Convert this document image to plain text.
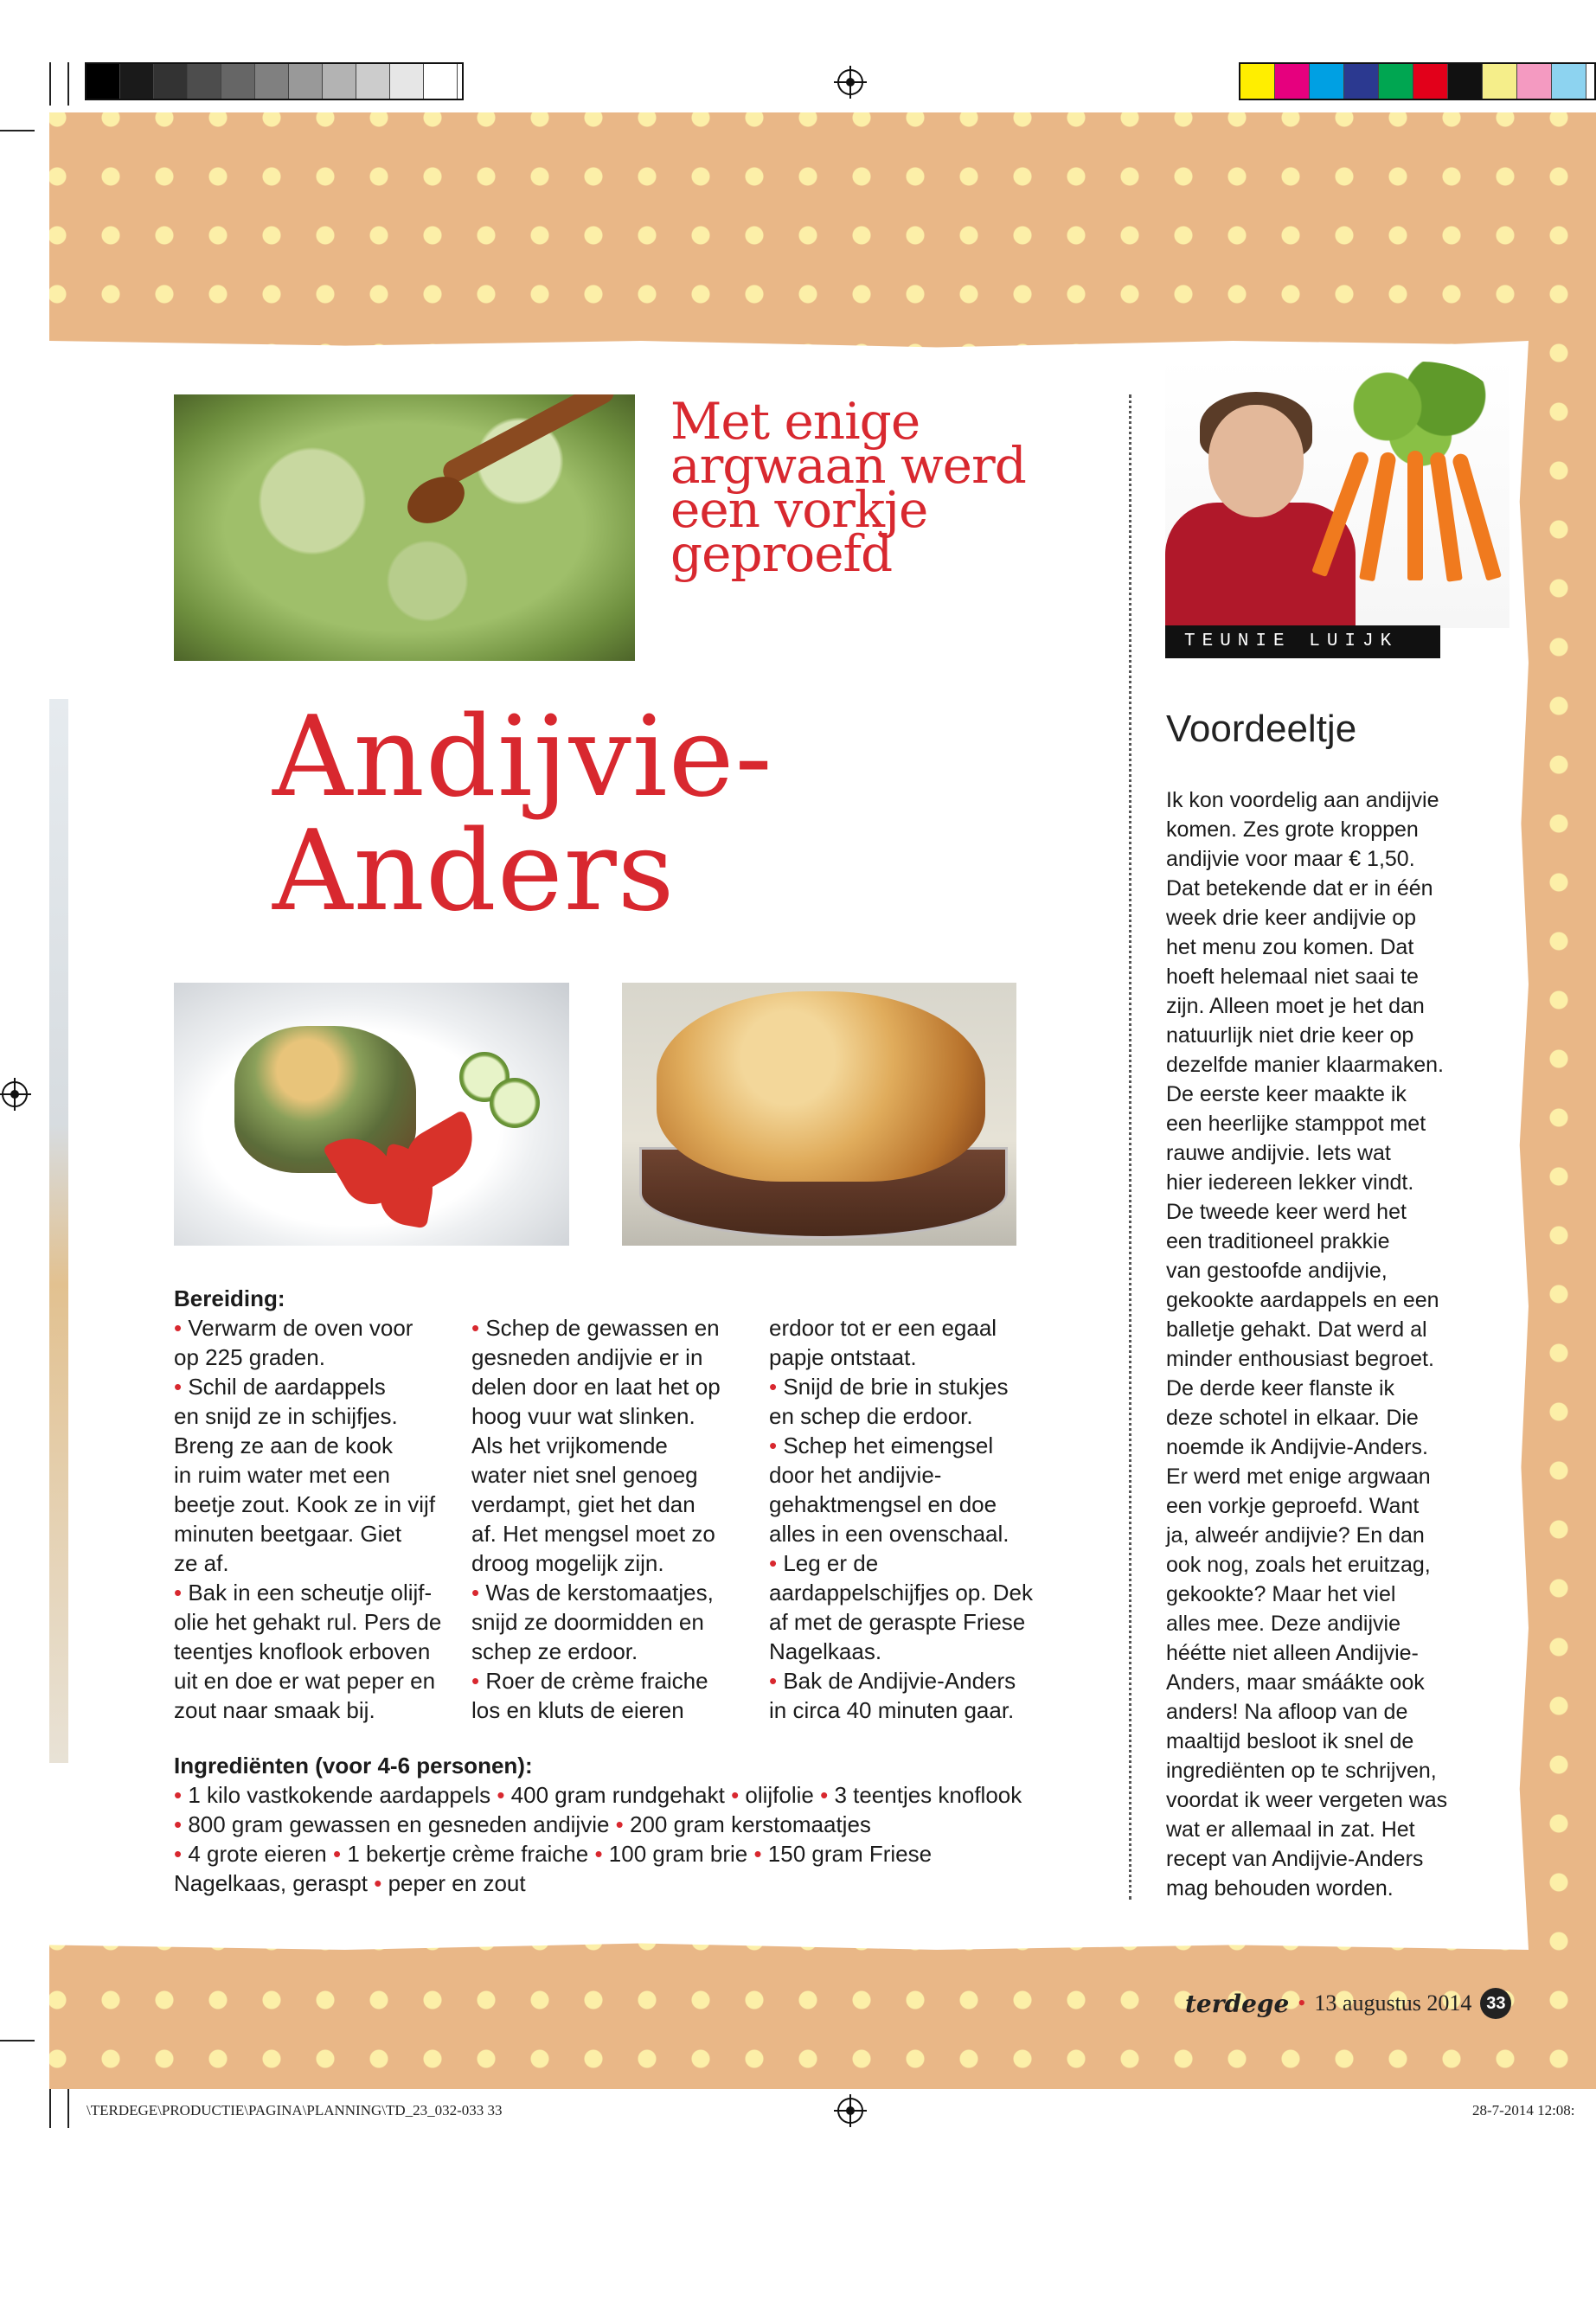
Met enige
argwaan werd
een vorkje
geproefd
TEUNIE LUIJK
Andijvie-
Anders

Bereiding:

• Verwarm de oven voor

op 225 graden.

• Schil de aardappels

en snijd ze in schijfjes.

Breng ze aan de kook

in ruim water met een

beetje zout. Kook ze in vijf

minuten beetgaar. Giet

ze af.

• Bak in een scheutje olijf-

olie het gehakt rul. Pers de

teentjes knoflook erboven

uit en doe er wat peper en

zout naar smaak bij.

• Schep de gewassen en

gesneden andijvie er in

delen door en laat het op

hoog vuur wat slinken.

Als het vrijkomende

water niet snel genoeg

verdampt, giet het dan

af. Het mengsel moet zo

droog mogelijk zijn.

• Was de kerstomaatjes,

snijd ze doormidden en

schep ze erdoor.

• Roer de crème fraiche

los en kluts de eieren

erdoor tot er een egaal

papje ontstaat.

• Snijd de brie in stukjes

en schep die erdoor.

• Schep het eimengsel

door het andijvie-

gehaktmengsel en doe

alles in een ovenschaal.

• Leg er de

aardappelschijfjes op. Dek

af met de geraspte Friese

Nagelkaas.

• Bak de Andijvie-Anders

in circa 40 minuten gaar.

Ingrediënten (voor 4-6 personen):

• 1 kilo vastkokende aardappels • 400 gram rundgehakt • olijfolie • 3 teentjes knoflook

• 800 gram gewassen en gesneden andijvie • 200 gram kerstomaatjes

• 4 grote eieren • 1 bekertje crème fraiche • 100 gram brie • 150 gram Friese

Nagelkaas, geraspt • peper en zout

Voordeeltje
Ik kon voordelig aan andijvie
komen. Zes grote kroppen
andijvie voor maar € 1,50.
Dat betekende dat er in één
week drie keer andijvie op
het menu zou komen. Dat
hoeft helemaal niet saai te
zijn. Alleen moet je het dan
natuurlijk niet drie keer op
dezelfde manier klaarmaken.
De eerste keer maakte ik
een heerlijke stamppot met
rauwe andijvie. Iets wat
hier iedereen lekker vindt.
De tweede keer werd het
een traditioneel prakkie
van gestoofde andijvie,
gekookte aardappels en een
balletje gehakt. Dat werd al
minder enthousiast begroet.
De derde keer flanste ik
deze schotel in elkaar. Die
noemde ik Andijvie-Anders.
Er werd met enige argwaan
een vorkje geproefd. Want
ja, alweér andijvie? En dan
ook nog, zoals het eruitzag,
gekookte? Maar het viel
alles mee. Deze andijvie
héétte niet alleen Andijvie-
Anders, maar smáákte ook
anders! Na afloop van de
maaltijd besloot ik snel de
ingrediënten op te schrijven,
voordat ik weer vergeten was
wat er allemaal in zat. Het
recept van Andijvie-Anders
mag behouden worden.
terdege • 13 augustus 2014 33
\TERDEGE\PRODUCTIE\PAGINA\PLANNING\TD_23_032-033 33	28-7-2014 12:08:
